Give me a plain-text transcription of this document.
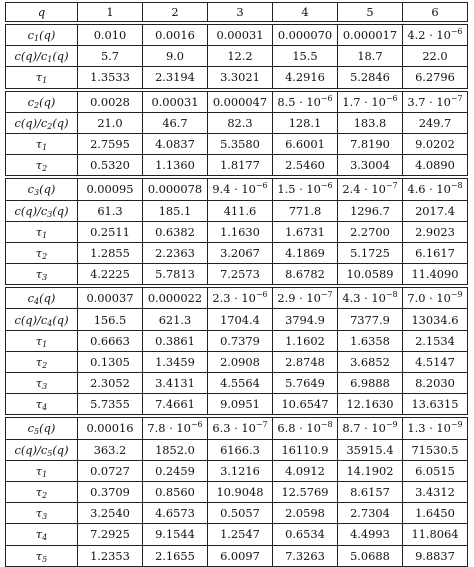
q	1	2	3	4	5	6

$c_1(q)$	0.010	0.0016	0.00031	0.000070	0.000017	$4.2 \cdot 10^{-6}$
$c(q)/c_1(q)$	5.7	9.0	12.2	15.5	18.7	22.0
$\tau_1$	1.3533	2.3194	3.3021	4.2916	5.2846	6.2796

$c_2(q)$	0.0028	0.00031	0.000047	$8.5 \cdot 10^{-6}$	$1.7 \cdot 10^{-6}$	$3.7 \cdot 10^{-7}$
$c(q)/c_2(q)$	21.0	46.7	82.3	128.1	183.8	249.7
$\tau_1$	2.7595	4.0837	5.3580	6.6001	7.8190	9.0202
$\tau_2$	0.5320	1.1360	1.8177	2.5460	3.3004	4.0890

$c_3(q)$	0.00095	0.000078	$9.4 \cdot 10^{-6}$	$1.5 \cdot 10^{-6}$	$2.4 \cdot 10^{-7}$	$4.6 \cdot 10^{-8}$
$c(q)/c_3(q)$	61.3	185.1	411.6	771.8	1296.7	2017.4
$\tau_1$	0.2511	0.6382	1.1630	1.6731	2.2700	2.9023
$\tau_2$	1.2855	2.2363	3.2067	4.1869	5.1725	6.1617
$\tau_3$	4.2225	5.7813	7.2573	8.6782	10.0589	11.4090

$c_4(q)$	0.00037	0.000022	$2.3 \cdot 10^{-6}$	$2.9 \cdot 10^{-7}$	$4.3 \cdot 10^{-8}$	$7.0 \cdot 10^{-9}$
$c(q)/c_4(q)$	156.5	621.3	1704.4	3794.9	7377.9	13034.6
$\tau_1$	0.6663	0.3861	0.7379	1.1602	1.6358	2.1534
$\tau_2$	0.1305	1.3459	2.0908	2.8748	3.6852	4.5147
$\tau_3$	2.3052	3.4131	4.5564	5.7649	6.9888	8.2030
$\tau_4$	5.7355	7.4661	9.0951	10.6547	12.1630	13.6315

$c_5(q)$	0.00016	$7.8 \cdot 10^{-6}$	$6.3 \cdot 10^{-7}$	$6.8 \cdot 10^{-8}$	$8.7 \cdot 10^{-9}$	$1.3 \cdot 10^{-9}$
$c(q)/c_5(q)$	363.2	1852.0	6166.3	16110.9	35915.4	71530.5
$\tau_1$	0.0727	0.2459	3.1216	4.0912	14.1902	6.0515
$\tau_2$	0.3709	0.8560	10.9048	12.5769	8.6157	3.4312
$\tau_3$	3.2540	4.6573	0.5057	2.0598	2.7304	1.6450
$\tau_4$	7.2925	9.1544	1.2547	0.6534	4.4993	11.8064
$\tau_5$	1.2353	2.1655	6.0097	7.3263	5.0688	9.8837
